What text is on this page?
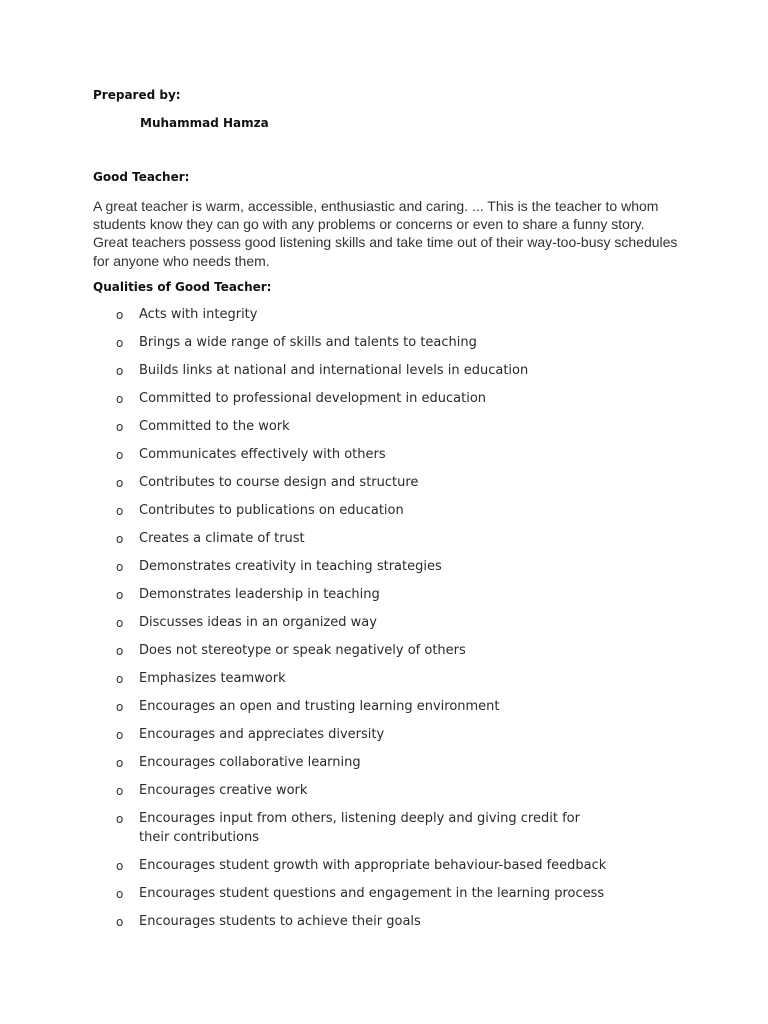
Prepared by:
Muhammad Hamza
Good Teacher:
A great teacher is warm, accessible, enthusiastic and caring. ... This is the teacher to whom students know they can go with any problems or concerns or even to share a funny story. Great teachers possess good listening skills and take time out of their way-too-busy schedules for anyone who needs them.
Qualities of Good Teacher:
o Acts with integrity
o Brings a wide range of skills and talents to teaching
o Builds links at national and international levels in education
o Committed to professional development in education
o Committed to the work
o Communicates effectively with others
o Contributes to course design and structure
o Contributes to publications on education
o Creates a climate of trust
o Demonstrates creativity in teaching strategies
o Demonstrates leadership in teaching
o Discusses ideas in an organized way
o Does not stereotype or speak negatively of others
o Emphasizes teamwork
o Encourages an open and trusting learning environment
o Encourages and appreciates diversity
o Encourages collaborative learning
o Encourages creative work
o Encourages input from others, listening deeply and giving credit for their contributions
o Encourages student growth with appropriate behaviour-based feedback
o Encourages student questions and engagement in the learning process
o Encourages students to achieve their goals
